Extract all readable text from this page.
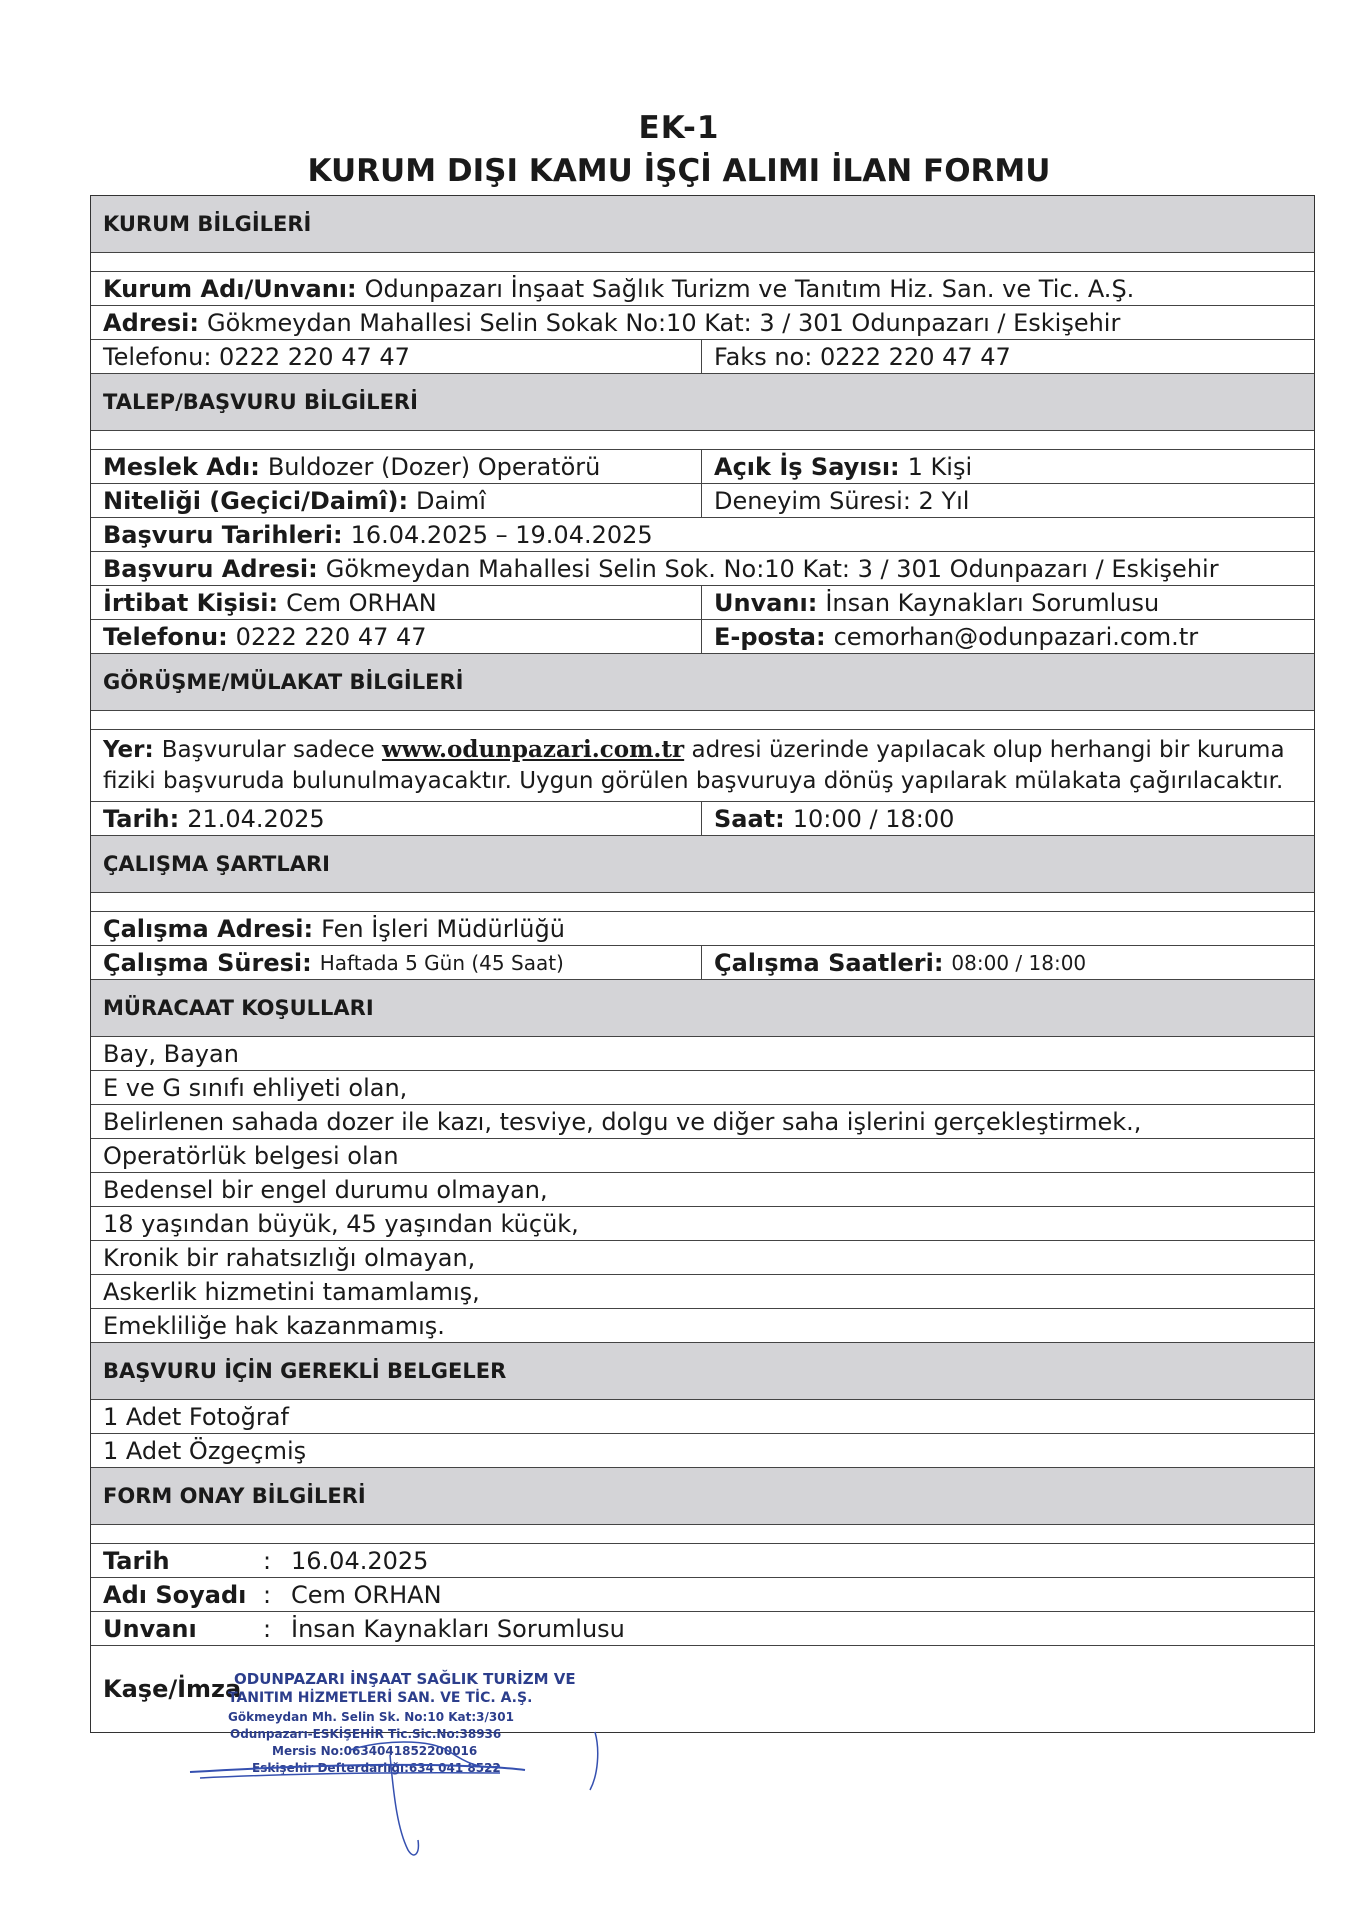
EK-1
KURUM DIŞI KAMU İŞÇİ ALIMI İLAN FORMU
KURUM BİLGİLERİ
Kurum Adı/Unvanı: Odunpazarı İnşaat Sağlık Turizm ve Tanıtım Hiz. San. ve Tic. A.Ş.
Adresi: Gökmeydan Mahallesi Selin Sokak No:10 Kat: 3 / 301 Odunpazarı / Eskişehir
Telefonu: 0222 220 47 47	Faks no: 0222 220 47 47
TALEP/BAŞVURU BİLGİLERİ
Meslek Adı: Buldozer (Dozer) Operatörü	Açık İş Sayısı: 1 Kişi
Niteliği (Geçici/Daimî): Daimî	Deneyim Süresi: 2 Yıl
Başvuru Tarihleri: 16.04.2025 – 19.04.2025
Başvuru Adresi: Gökmeydan Mahallesi Selin Sok. No:10 Kat: 3 / 301 Odunpazarı / Eskişehir
İrtibat Kişisi: Cem ORHAN	Unvanı: İnsan Kaynakları Sorumlusu
Telefonu: 0222 220 47 47	E-posta: cemorhan@odunpazari.com.tr
GÖRÜŞME/MÜLAKAT BİLGİLERİ
Yer: Başvurular sadece www.odunpazari.com.tr adresi üzerinde yapılacak olup herhangi bir kuruma fiziki başvuruda bulunulmayacaktır. Uygun görülen başvuruya dönüş yapılarak mülakata çağırılacaktır.
Tarih: 21.04.2025	Saat: 10:00 / 18:00
ÇALIŞMA ŞARTLARI
Çalışma Adresi: Fen İşleri Müdürlüğü
Çalışma Süresi: Haftada 5 Gün (45 Saat)	Çalışma Saatleri: 08:00 / 18:00
MÜRACAAT KOŞULLARI
Bay, Bayan
E ve G sınıfı ehliyeti olan,
Belirlenen sahada dozer ile kazı, tesviye, dolgu ve diğer saha işlerini gerçekleştirmek.,
Operatörlük belgesi olan
Bedensel bir engel durumu olmayan,
18 yaşından büyük, 45 yaşından küçük,
Kronik bir rahatsızlığı olmayan,
Askerlik hizmetini tamamlamış,
Emekliliğe hak kazanmamış.
BAŞVURU İÇİN GEREKLİ BELGELER
1 Adet Fotoğraf
1 Adet Özgeçmiş
FORM ONAY BİLGİLERİ
Tarih	: 16.04.2025
Adı Soyadı : Cem ORHAN
Unvanı	: İnsan Kaynakları Sorumlusu
Kaşe/İmza
ODUNPAZARI İNŞAAT SAĞLIK TURİZM VE
TANITIM HİZMETLERİ SAN. VE TİC. A.Ş.
Gökmeydan Mh. Selin Sk. No:10 Kat:3/301
Odunpazarı-ESKİŞEHİR Tic.Sic.No:38936
Mersis No:0634041852200016
Eskişehir Defterdarlığı:634 041 8522
